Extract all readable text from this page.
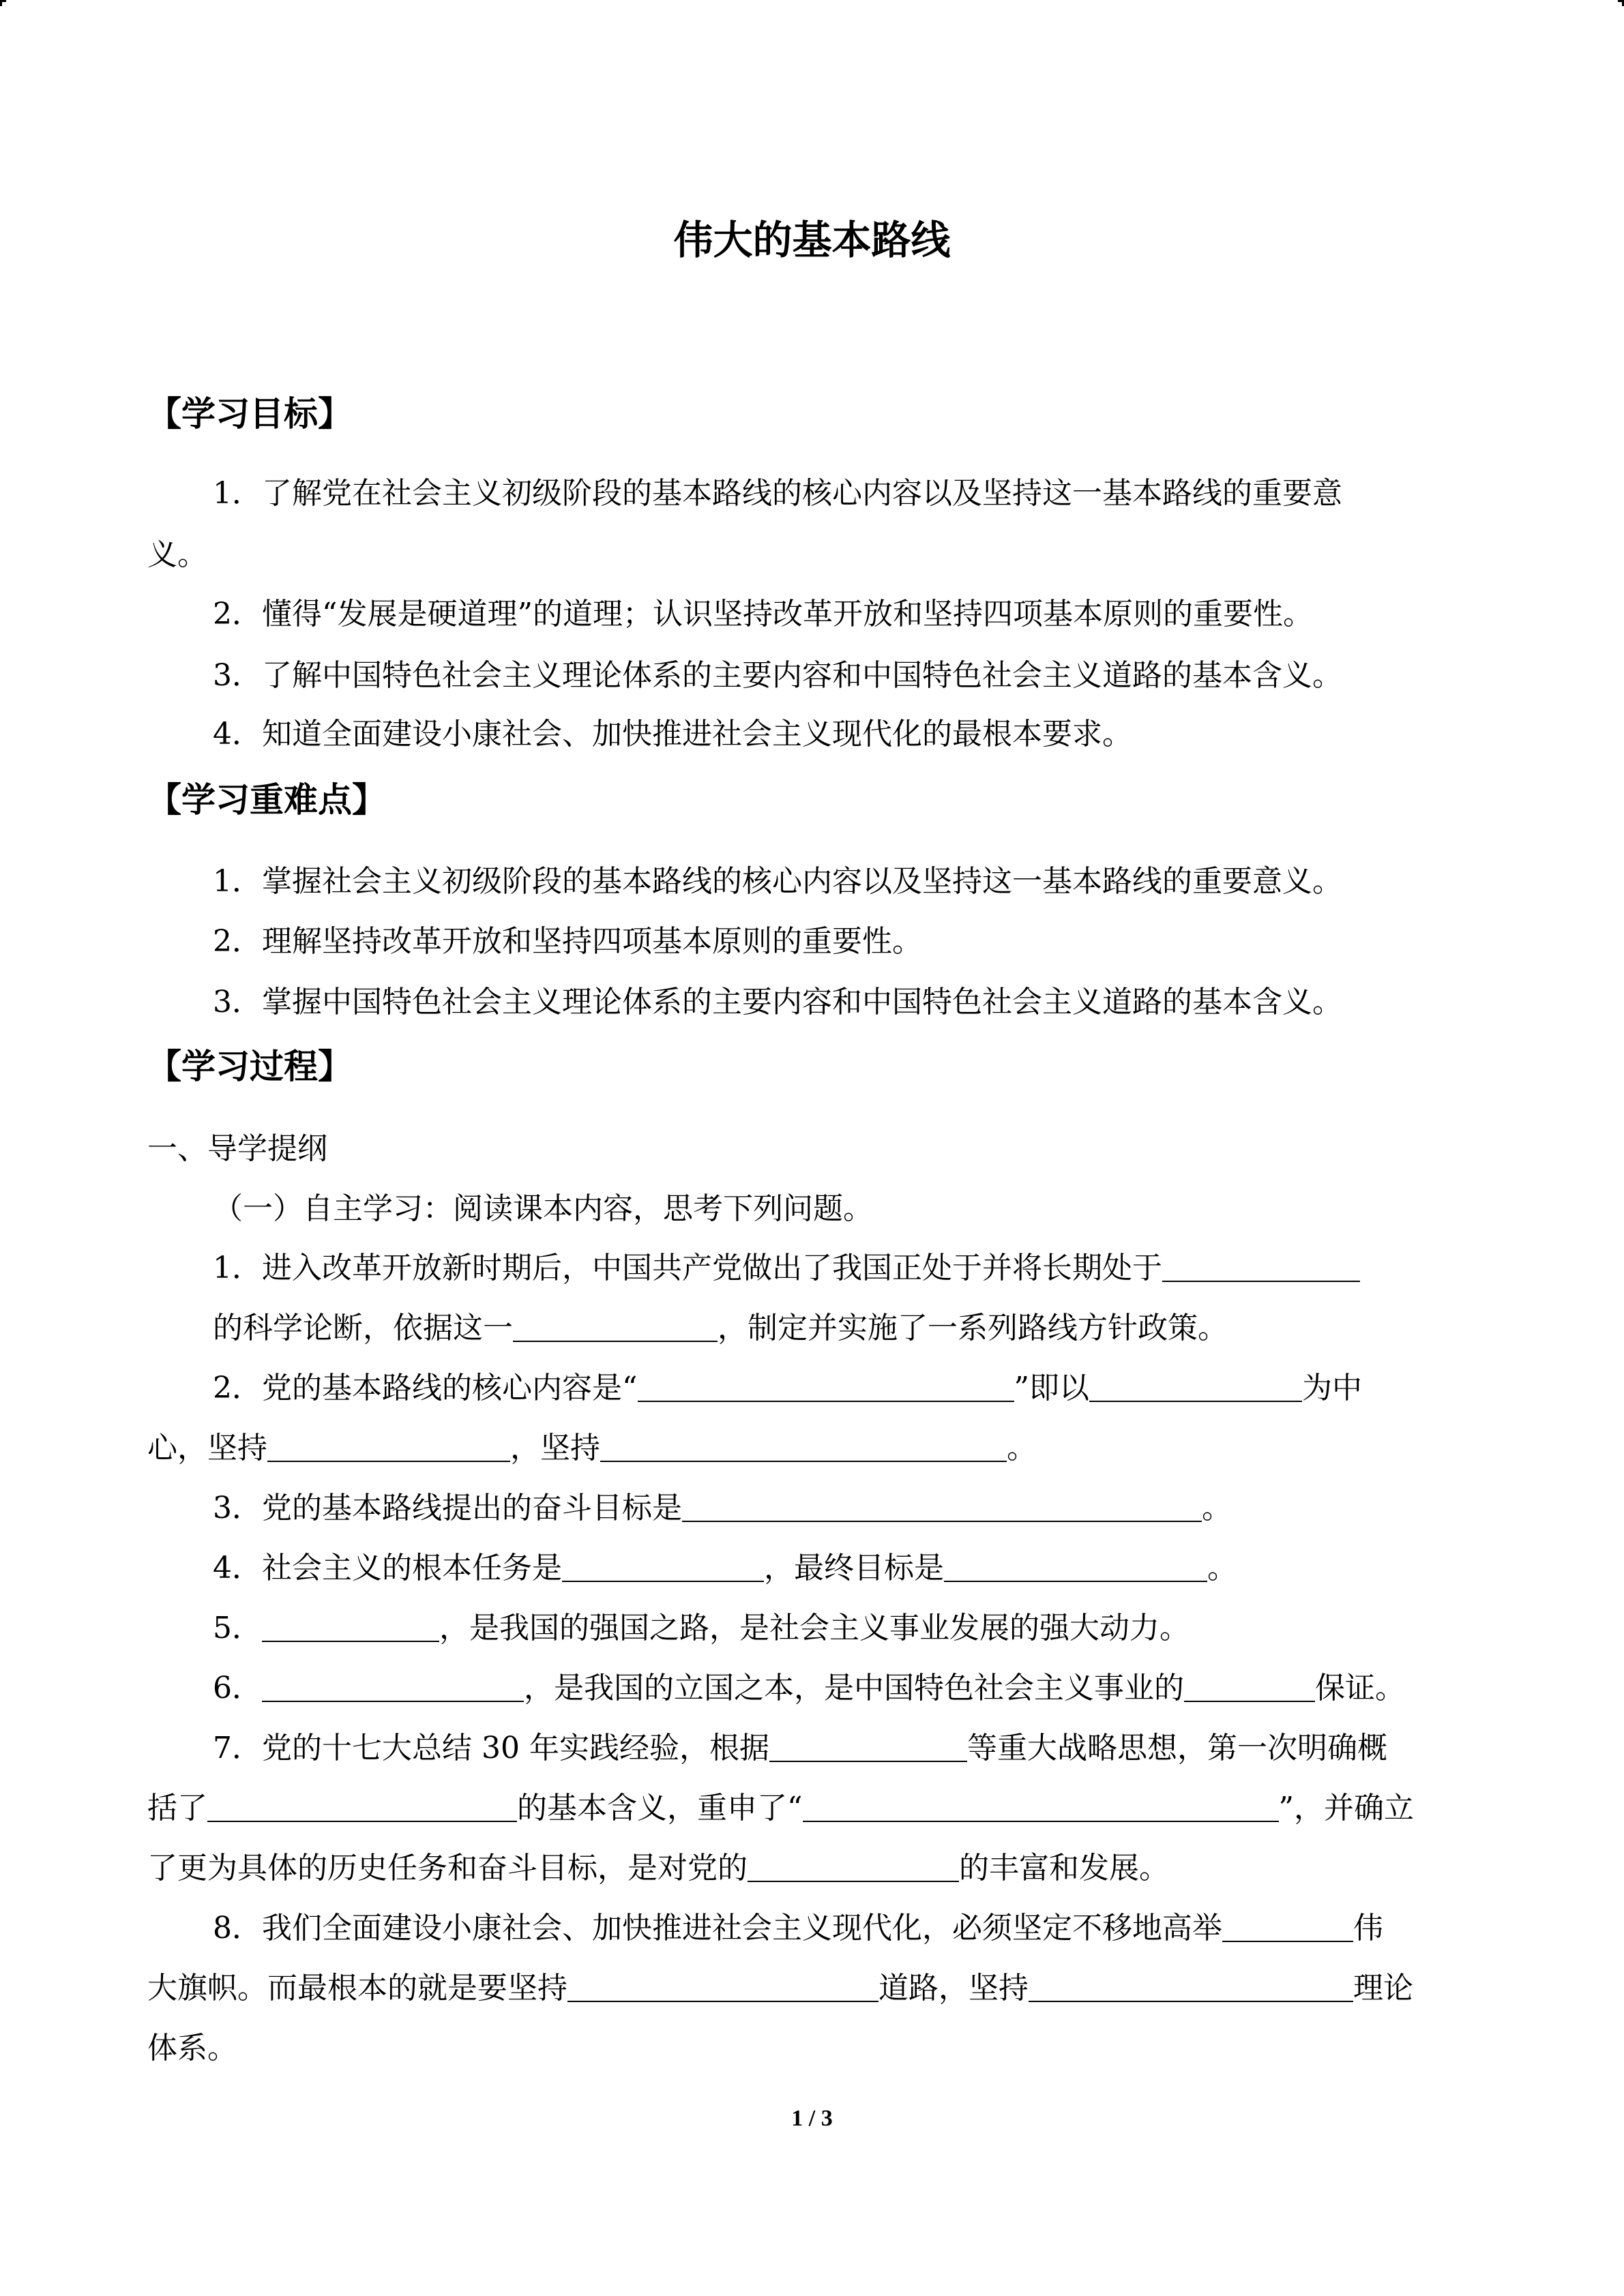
伟大的基本路线
【学习目标】
1．了解党在社会主义初级阶段的基本路线的核心内容以及坚持这一基本路线的重要意
义。
2．懂得“发展是硬道理”的道理；认识坚持改革开放和坚持四项基本原则的重要性。
3．了解中国特色社会主义理论体系的主要内容和中国特色社会主义道路的基本含义。
4．知道全面建设小康社会、加快推进社会主义现代化的最根本要求。
【学习重难点】
1．掌握社会主义初级阶段的基本路线的核心内容以及坚持这一基本路线的重要意义。
2．理解坚持改革开放和坚持四项基本原则的重要性。
3．掌握中国特色社会主义理论体系的主要内容和中国特色社会主义道路的基本含义。
【学习过程】
一、导学提纲
（一）自主学习：阅读课本内容，思考下列问题。
1．进入改革开放新时期后，中国共产党做出了我国正处于并将长期处于
的科学论断，依据这一	，制定并实施了一系列路线方针政策。
2．党的基本路线的核心内容是“	”即以	为中
心，坚持	，坚持	。
3．党的基本路线提出的奋斗目标是	。
4．社会主义的根本任务是	，最终目标是	。
5．	，是我国的强国之路，是社会主义事业发展的强大动力。
6．	，是我国的立国之本，是中国特色社会主义事业的	保证。
7．党的十七大总结 30 年实践经验，根据	等重大战略思想，第一次明确概
括了	的基本含义，重申了“	”，并确立
了更为具体的历史任务和奋斗目标，是对党的	的丰富和发展。
8．我们全面建设小康社会、加快推进社会主义现代化，必须坚定不移地高举	伟
大旗帜。而最根本的就是要坚持	道路，坚持	理论
体系。
1 / 3
